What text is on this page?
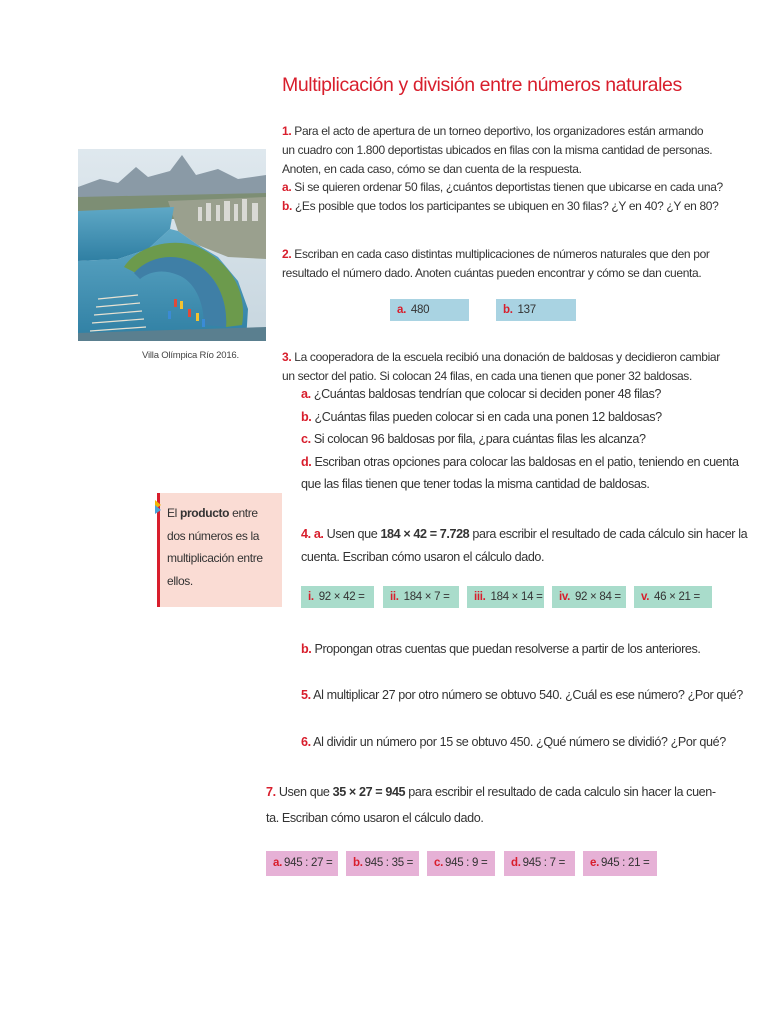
Multiplicación y división entre números naturales
Villa Olímpica Río 2016.
1. Para el acto de apertura de un torneo deportivo, los organizadores están armando
un cuadro con 1.800 deportistas ubicados en filas con la misma cantidad de personas.
Anoten, en cada caso, cómo se dan cuenta de la respuesta.
a. Si se quieren ordenar 50 filas, ¿cuántos deportistas tienen que ubicarse en cada una?
b. ¿Es posible que todos los participantes se ubiquen en 30 filas? ¿Y en 40? ¿Y en 80?
2. Escriban en cada caso distintas multiplicaciones de números naturales que den por
resultado el número dado. Anoten cuántas pueden encontrar y cómo se dan cuenta.
a. 480	b. 137
3. La cooperadora de la escuela recibió una donación de baldosas y decidieron cambiar
un sector del patio. Si colocan 24 filas, en cada una tienen que poner 32 baldosas.
a. ¿Cuántas baldosas tendrían que colocar si deciden poner 48 filas?
b. ¿Cuántas filas pueden colocar si en cada una ponen 12 baldosas?
c. Si colocan 96 baldosas por fila, ¿para cuántas filas les alcanza?
d. Escriban otras opciones para colocar las baldosas en el patio, teniendo en cuenta
que las filas tienen que tener todas la misma cantidad de baldosas.
El producto entre dos números es la multiplicación entre ellos.
4. a. Usen que 184 × 42 = 7.728 para escribir el resultado de cada cálculo sin hacer la
cuenta. Escriban cómo usaron el cálculo dado.
i. 92 × 42 =	ii. 184 × 7 =	iii. 184 × 14 =	iv. 92 × 84 =	v. 46 × 21 =
b. Propongan otras cuentas que puedan resolverse a partir de los anteriores.
5. Al multiplicar 27 por otro número se obtuvo 540. ¿Cuál es ese número? ¿Por qué?
6. Al dividir un número por 15 se obtuvo 450. ¿Qué número se dividió? ¿Por qué?
7. Usen que 35 × 27 = 945 para escribir el resultado de cada calculo sin hacer la cuen-
ta. Escriban cómo usaron el cálculo dado.
a. 945 : 27 =	b. 945 : 35 =	c. 945 : 9 =	d. 945 : 7 =	e. 945 : 21 =
